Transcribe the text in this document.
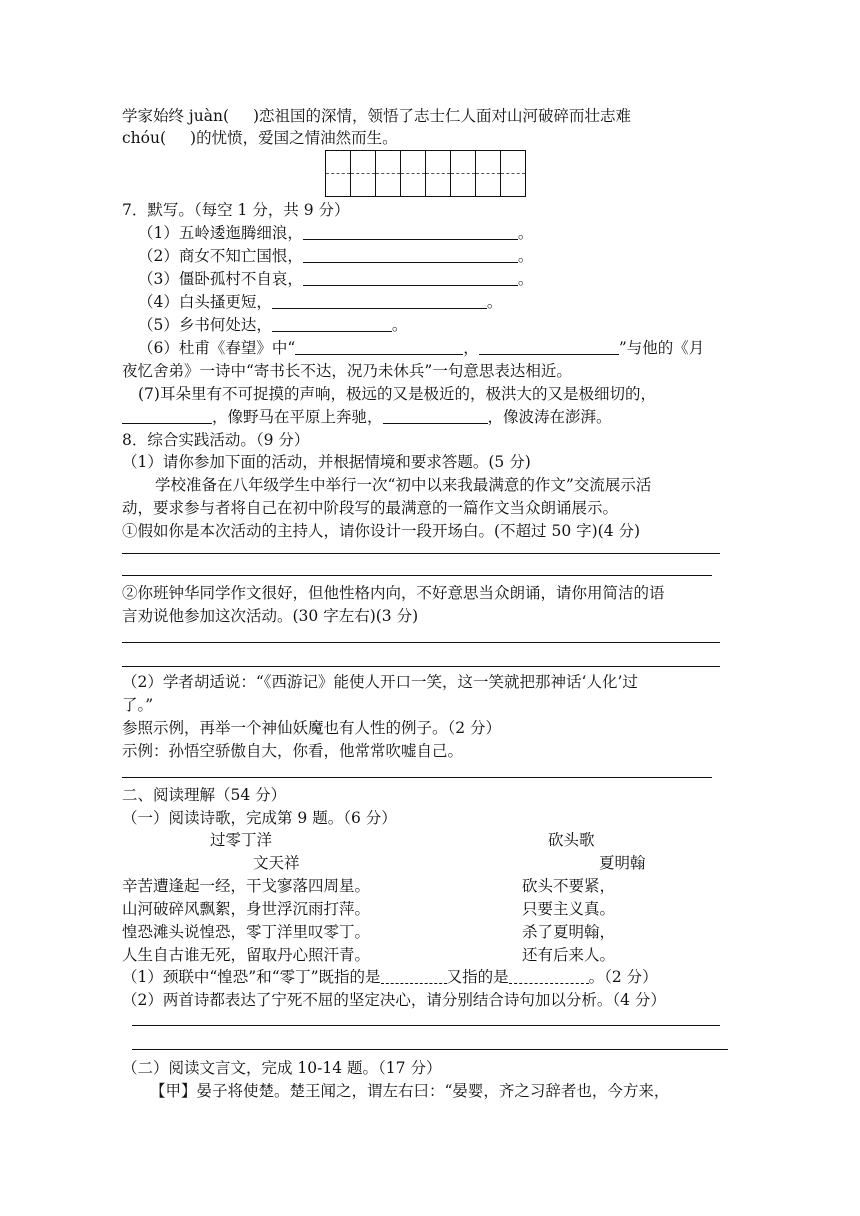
学家始终 juàn( )恋祖国的深情，领悟了志士仁人面对山河破碎而壮志难
chóu( )的忧愤，爱国之情油然而生。

7．默写。（每空 1 分，共 9 分）
（1）五岭逶迤腾细浪，	。
（2）商女不知亡国恨，	。
（3）僵卧孤村不自哀，	。
（4）白头搔更短，	。
（5）乡书何处达，	。
（6）杜甫《春望》中“	，	”与他的《月
夜忆舍弟》一诗中“寄书长不达，况乃未休兵”一句意思表达相近。
(7)耳朵里有不可捉摸的声响，极远的又是极近的，极洪大的又是极细切的，
，像野马在平原上奔驰，	，像波涛在澎湃。
8．综合实践活动。（9 分）
（1）请你参加下面的活动，并根据情境和要求答题。(5 分)
学校准备在八年级学生中举行一次“初中以来我最满意的作文”交流展示活
动，要求参与者将自己在初中阶段写的最满意的一篇作文当众朗诵展示。
①假如你是本次活动的主持人，请你设计一段开场白。(不超过 50 字)(4 分)
②你班钟华同学作文很好，但他性格内向，不好意思当众朗诵，请你用简洁的语
言劝说他参加这次活动。(30 字左右)(3 分)
（2）学者胡适说：“《西游记》能使人开口一笑，这一笑就把那神话‘人化’过
了。”
参照示例，再举一个神仙妖魔也有人性的例子。（2 分）
示例：孙悟空骄傲自大，你看，他常常吹嘘自己。
二、阅读理解（54 分）
（一）阅读诗歌，完成第 9 题。（6 分）
过零丁洋
文天祥
辛苦遭逢起一经，干戈寥落四周星。
山河破碎风飘絮，身世浮沉雨打萍。
惶恐滩头说惶恐，零丁洋里叹零丁。
人生自古谁无死，留取丹心照汗青。
砍头歌
夏明翰
砍头不要紧，
只要主义真。
杀了夏明翰，
还有后来人。
（1）颈联中“惶恐”和“零丁”既指的是	又指的是	。（2 分）
（2）两首诗都表达了宁死不屈的坚定决心，请分别结合诗句加以分析。（4 分）
（二）阅读文言文，完成 10-14 题。（17 分）
【甲】晏子将使楚。楚王闻之，谓左右曰：“晏婴，齐之习辞者也，今方来，
